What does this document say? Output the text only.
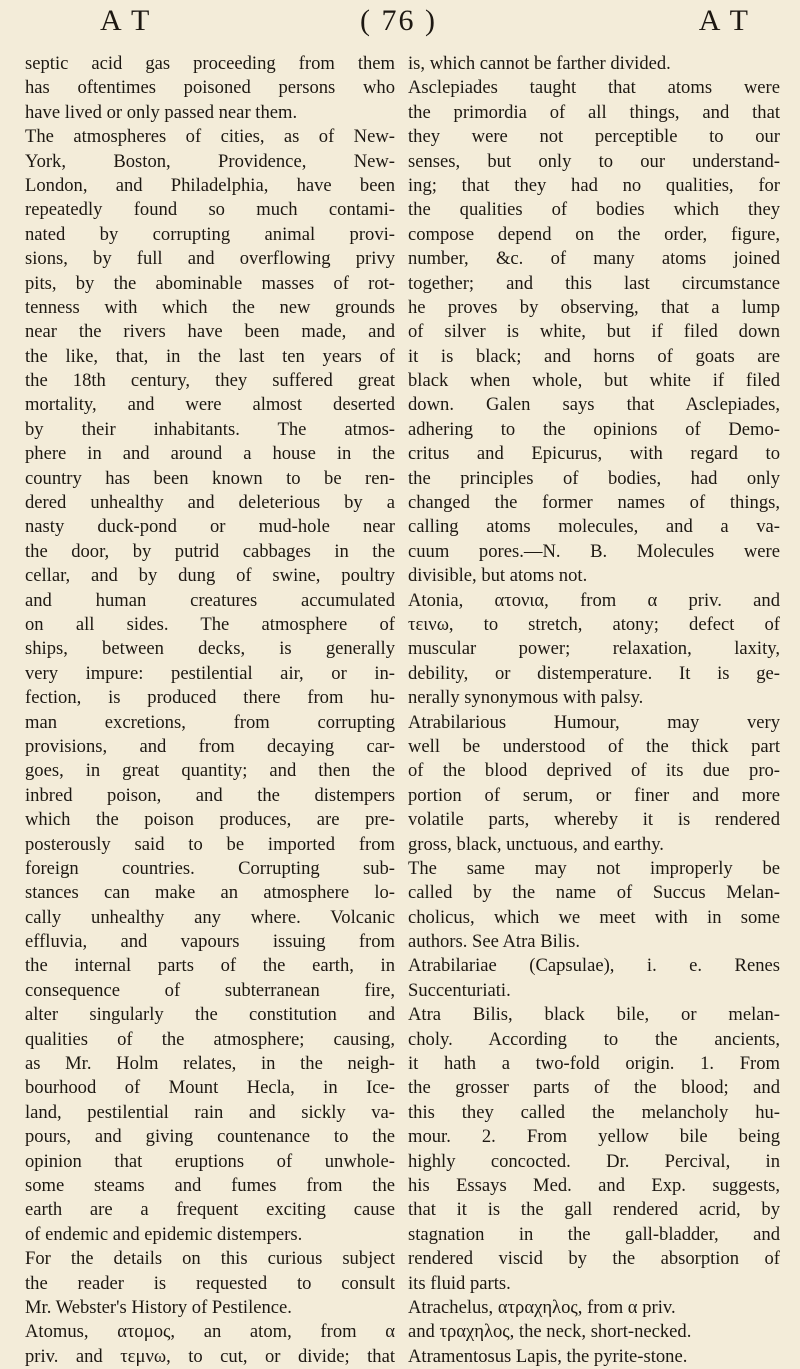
A T	( 76 )	A T
septic acid gas proceeding from them
has oftentimes poisoned persons who
have lived or only passed near them.
The atmospheres of cities, as of New-
York, Boston, Providence, New-
London, and Philadelphia, have been
repeatedly found so much contami-
nated by corrupting animal provi-
sions, by full and overflowing privy
pits, by the abominable masses of rot-
tenness with which the new grounds
near the rivers have been made, and
the like, that, in the last ten years of
the 18th century, they suffered great
mortality, and were almost deserted
by their inhabitants. The atmos-
phere in and around a house in the
country has been known to be ren-
dered unhealthy and deleterious by a
nasty duck-pond or mud-hole near
the door, by putrid cabbages in the
cellar, and by dung of swine, poultry
and human creatures accumulated
on all sides. The atmosphere of
ships, between decks, is generally
very impure: pestilential air, or in-
fection, is produced there from hu-
man excretions, from corrupting
provisions, and from decaying car-
goes, in great quantity; and then the
inbred poison, and the distempers
which the poison produces, are pre-
posterously said to be imported from
foreign countries. Corrupting sub-
stances can make an atmosphere lo-
cally unhealthy any where. Volcanic
effluvia, and vapours issuing from
the internal parts of the earth, in
consequence of subterranean fire,
alter singularly the constitution and
qualities of the atmosphere; causing,
as Mr. Holm relates, in the neigh-
bourhood of Mount Hecla, in Ice-
land, pestilential rain and sickly va-
pours, and giving countenance to the
opinion that eruptions of unwhole-
some steams and fumes from the
earth are a frequent exciting cause
of endemic and epidemic distempers.
For the details on this curious subject
the reader is requested to consult
Mr. Webster's History of Pestilence.
Atomus, ατομος, an atom, from α
priv. and τεμνω, to cut, or divide; that
is, which cannot be farther divided.
Asclepiades taught that atoms were
the primordia of all things, and that
they were not perceptible to our
senses, but only to our understand-
ing; that they had no qualities, for
the qualities of bodies which they
compose depend on the order, figure,
number, &c. of many atoms joined
together; and this last circumstance
he proves by observing, that a lump
of silver is white, but if filed down
it is black; and horns of goats are
black when whole, but white if filed
down. Galen says that Asclepiades,
adhering to the opinions of Demo-
critus and Epicurus, with regard to
the principles of bodies, had only
changed the former names of things,
calling atoms molecules, and a va-
cuum pores.—N. B. Molecules were
divisible, but atoms not.
Atonia, ατονια, from α priv. and
τεινω, to stretch, atony; defect of
muscular power; relaxation, laxity,
debility, or distemperature. It is ge-
nerally synonymous with palsy.
Atrabilarious Humour, may very
well be understood of the thick part
of the blood deprived of its due pro-
portion of serum, or finer and more
volatile parts, whereby it is rendered
gross, black, unctuous, and earthy.
The same may not improperly be
called by the name of Succus Melan-
cholicus, which we meet with in some
authors. See Atra Bilis.
Atrabilariae (Capsulae), i. e. Renes
Succenturiati.
Atra Bilis, black bile, or melan-
choly. According to the ancients,
it hath a two-fold origin. 1. From
the grosser parts of the blood; and
this they called the melancholy hu-
mour. 2. From yellow bile being
highly concocted. Dr. Percival, in
his Essays Med. and Exp. suggests,
that it is the gall rendered acrid, by
stagnation in the gall-bladder, and
rendered viscid by the absorption of
its fluid parts.
Atrachelus, ατραχηλος, from α priv.
and τραχηλος, the neck, short-necked.
Atramentosus Lapis, the pyrite-stone.
